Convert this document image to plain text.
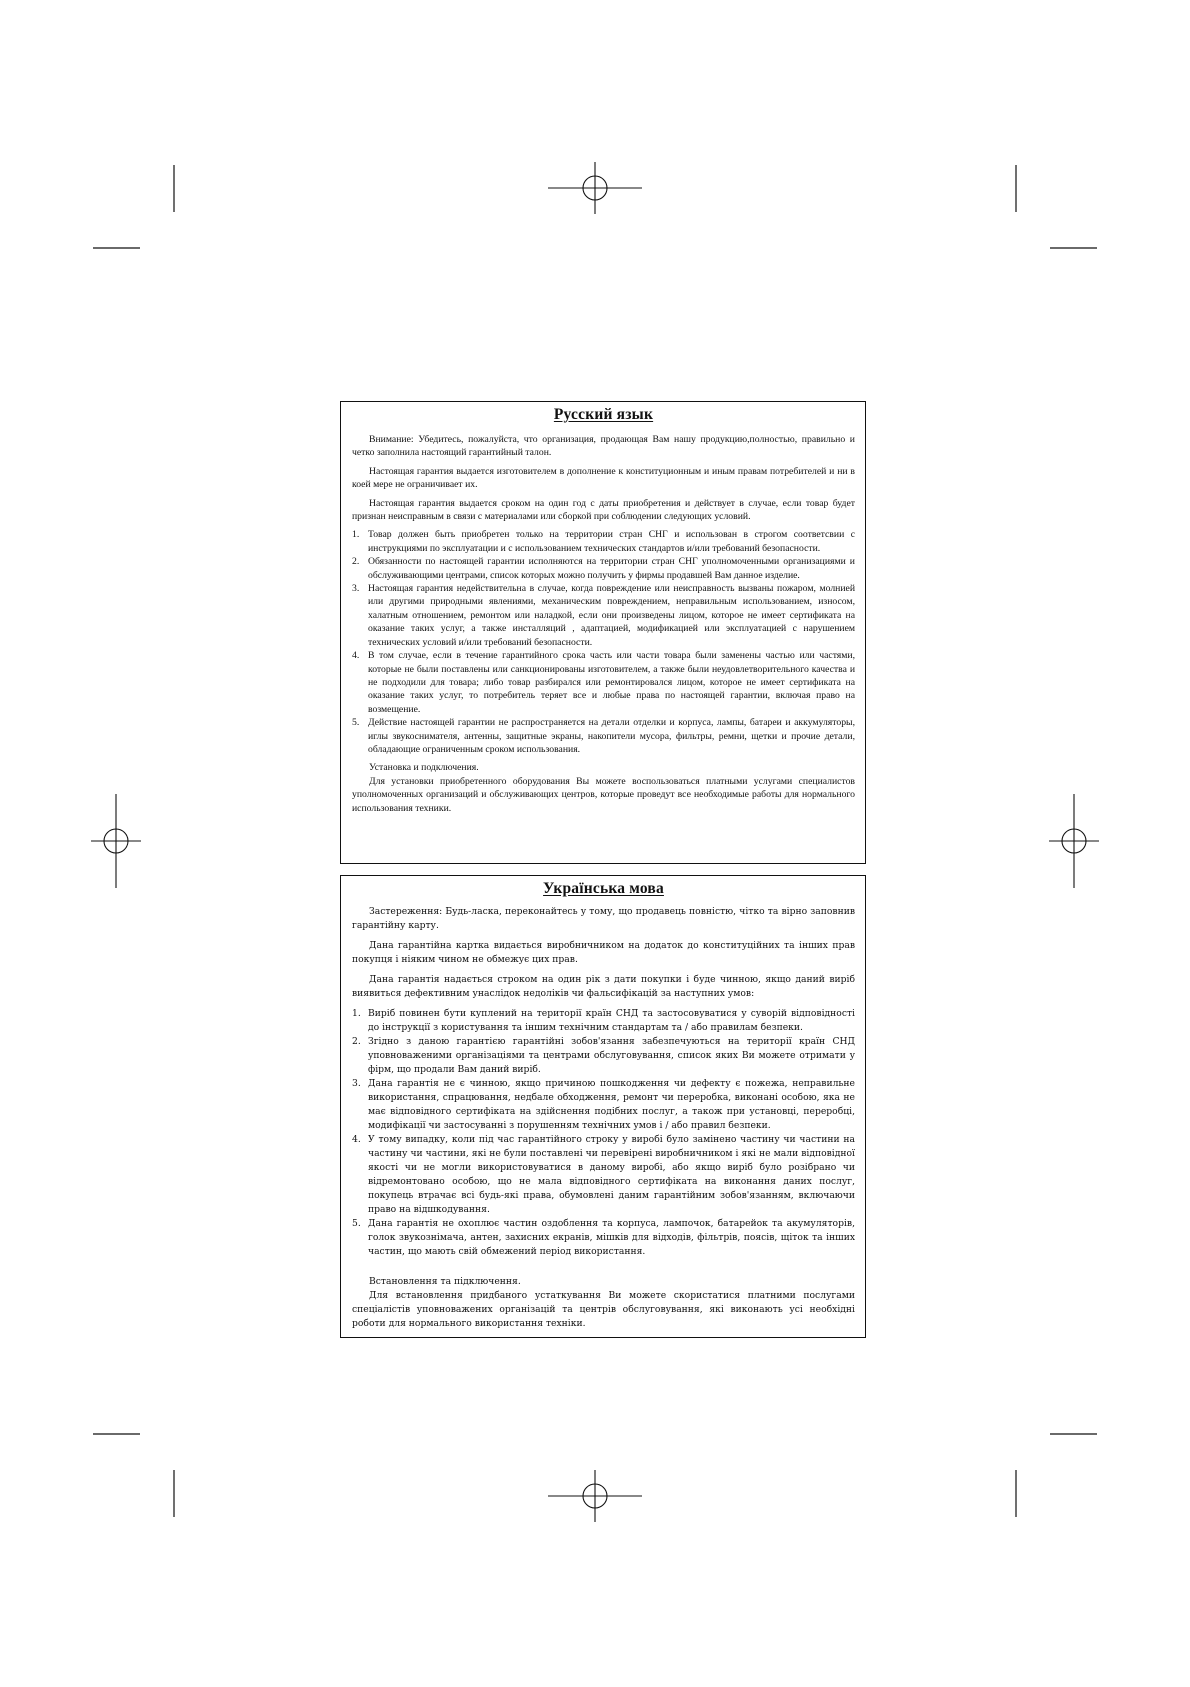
Русский язык

Внимание: Убедитесь, пожалуйста, что организация, продающая Вам нашу продукцию,полностью, правильно и четко заполнила настоящий гарантийный талон.

Настоящая гарантия выдается изготовителем в дополнение к конституционным и иным правам потребителей и ни в коей мере не ограничивает их.

Настоящая гарантия выдается сроком на один год с даты приобретения и действует в случае, если товар будет признан неисправным в связи с материалами или сборкой при соблюдении следующих условий.

1. Товар должен быть приобретен только на территории стран СНГ и использован в строгом соответсвии с инструкциями по эксплуатации и с использованием технических стандартов и/или требований безопасности.
2. Обязанности по настоящей гарантии исполняются на территории стран СНГ уполномоченными организациями и обслуживающими центрами, список которых можно получить у фирмы продавшей Вам данное изделие.
3. Настоящая гарантия недействительна в случае, когда повреждение или неисправность вызваны пожаром, молнией или другими природными явлениями, механическим повреждением, неправильным использованием, износом, халатным отношением, ремонтом или наладкой, если они произведены лицом, которое не имеет сертификата на оказание таких услуг, а также инсталляций , адаптацией, модификацией или эксплуатацией с нарушением технических условий и/или требований безопасности.
4. В том случае, если в течение гарантийного срока часть или части товара были заменены частью или частями, которые не были поставлены или санкционированы изготовителем, а также были неудовлетворительного качества и не подходили для товара; либо товар разбирался или ремонтировался лицом, которое не имеет сертификата на оказание таких услуг, то потребитель теряет все и любые права по настоящей гарантии, включая право на возмещение.
5. Действие настоящей гарантии не распространяется на детали отделки и корпуса, лампы, батареи и аккумуляторы, иглы звукоснимателя, антенны, защитные экраны, накопители мусора, фильтры, ремни, щетки и прочие детали, обладающие ограниченным сроком использования.

Установка и подключения.

Для установки приобретенного оборудования Вы можете воспользоваться платными услугами специалистов уполномоченных организаций и обслуживающих центров, которые проведут все необходимые работы для нормального использования техники.

Українська мова

Застереження: Будь-ласка, переконайтесь у тому, що продавець повністю, чітко та вірно заповнив гарантійну карту.

Дана гарантійна картка видається виробничником на додаток до конституційних та інших прав покупця і ніяким чином не обмежує цих прав.

Дана гарантія надається строком на один рік з дати покупки і буде чинною, якщо даний виріб виявиться дефективним унаслідок недоліків чи фальсифікацій за наступних умов:

1. Виріб повинен бути куплений на території країн СНД та застосовуватися у суворій відповідності до інструкції з користування та іншим технічним стандартам та / або правилам безпеки.
2. Згідно з даною гарантією гарантійні зобов'язання забезпечуються на території країн СНД уповноваженими організаціями та центрами обслуговування, список яких Ви можете отримати у фірм, що продали Вам даний виріб.
3. Дана гарантія не є чинною, якщо причиною пошкодження чи дефекту є пожежа, неправильне використання, спрацювання, недбале обходження, ремонт чи переробка, виконані особою, яка не має відповідного сертифіката на здійснення подібних послуг, а також при установці, переробці, модифікації чи застосуванні з порушенням технічних умов і / або правил безпеки.
4. У тому випадку, коли під час гарантійного строку у виробі було замінено частину чи частини на частину чи частини, які не були поставлені чи перевірені виробничником і які не мали відповідної якості чи не могли використовуватися в даному виробі, або якщо виріб було розібрано чи відремонтовано особою, що не мала відповідного сертифіката на виконання даних послуг, покупець втрачає всі будь-які права, обумовлені даним гарантійним зобов'язанням, включаючи право на відшкодування.
5. Дана гарантія не охоплює частин оздоблення та корпуса, лампочок, батарейок та акумуляторів, голок звукознімача, антен, захисних екранів, мішків для відходів, фільтрів, поясів, щіток та інших частин, що мають свій обмежений період використання.

Встановлення та підключення.

Для встановлення придбаного устаткування Ви можете скористатися платними послугами спеціалістів уповноважених організацій та центрів обслуговування, які виконають усі необхідні роботи для нормального використання техніки.
